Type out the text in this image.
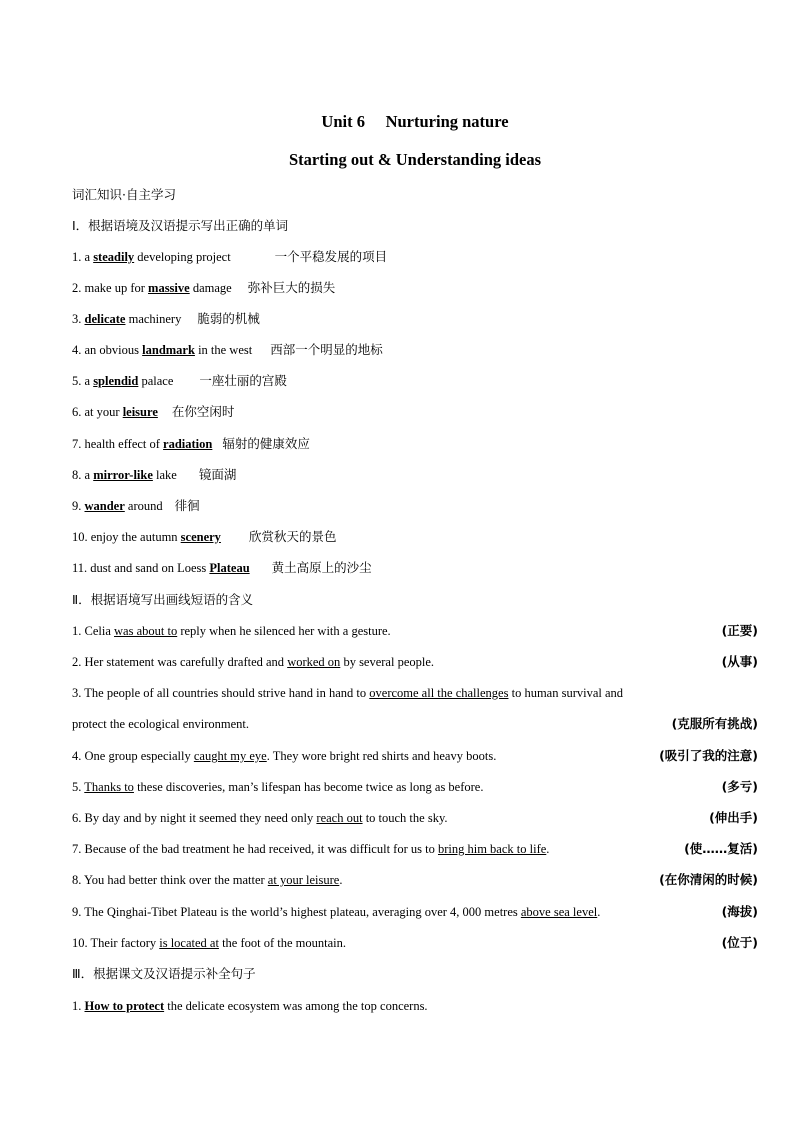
Unit 6 　Nurturing nature
Starting out & Understanding ideas
词汇知识·自主学习
Ⅰ．根据语境及汉语提示写出正确的单词
1. a steadily developing project	一个平稳发展的项目
2. make up for massive damage 弥补巨大的损失
3. delicate machinery 脆弱的机械
4. an obvious landmark in the west 西部一个明显的地标
5. a splendid palace 一座壮丽的宫殿
6. at your leisure 在你空闲时
7. health effect of radiation 辐射的健康效应
8. a mirror-like lake 镜面湖
9. wander around 徘徊
10. enjoy the autumn scenery 欣赏秋天的景色
11. dust and sand on Loess Plateau 黄土高原上的沙尘
Ⅱ．根据语境写出画线短语的含义
1. Celia was about to reply when he silenced her with a gesture.	(正要)
2. Her statement was carefully drafted and worked on by several people.	(从事)
3. The people of all countries should strive hand in hand to overcome all the challenges to human survival and
protect the ecological environment.	(克服所有挑战)
4. One group especially caught my eye. They wore bright red shirts and heavy boots.	(吸引了我的注意)
5. Thanks to these discoveries, man’s lifespan has become twice as long as before.	(多亏)
6. By day and by night it seemed they need only reach out to touch the sky.	(伸出手)
7. Because of the bad treatment he had received, it was difficult for us to bring him back to life.	(使……复活)
8. You had better think over the matter at your leisure.	(在你清闲的时候)
9. The Qinghai-Tibet Plateau is the world’s highest plateau, averaging over 4, 000 metres above sea level.	(海拔)
10. Their factory is located at the foot of the mountain.	(位于)
Ⅲ．根据课文及汉语提示补全句子
1. How to protect the delicate ecosystem was among the top concerns.
